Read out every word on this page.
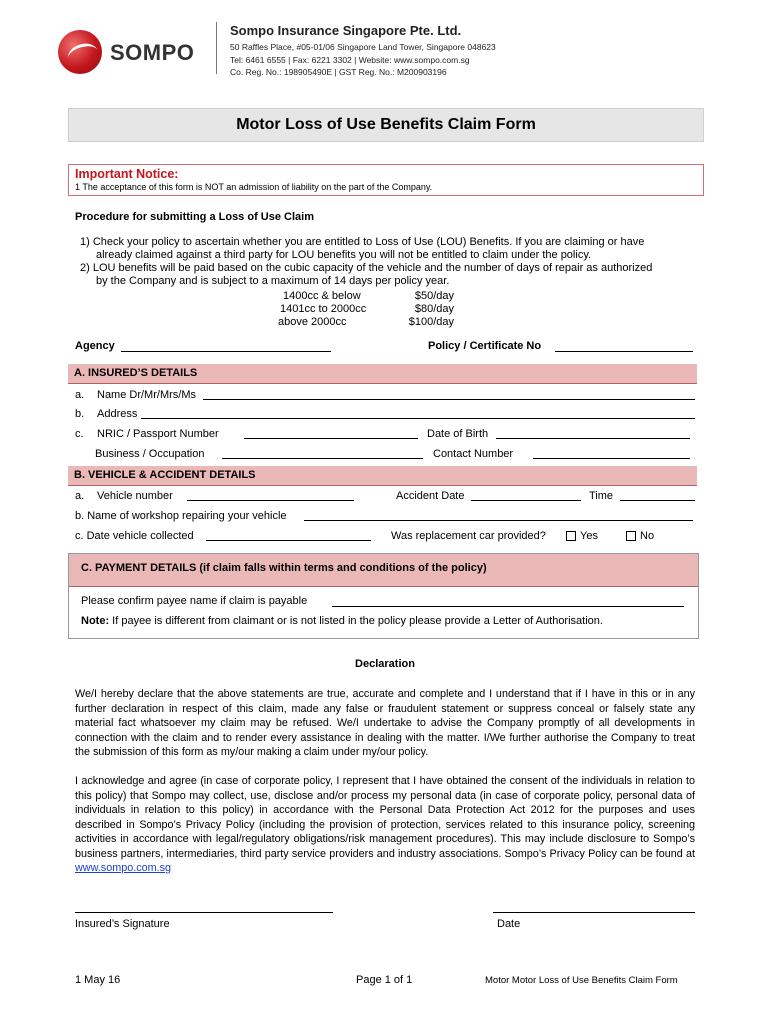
SOMPO
Sompo Insurance Singapore Pte. Ltd.
50 Raffles Place, #05-01/06 Singapore Land Tower, Singapore 048623
Tel: 6461 6555 | Fax: 6221 3302 | Website: www.sompo.com.sg
Co. Reg. No.: 198905490E | GST Reg. No.: M200903196
Motor Loss of Use Benefits Claim Form
Important Notice:
1 The acceptance of this form is NOT an admission of liability on the part of the Company.
Procedure for submitting a Loss of Use Claim
1) Check your policy to ascertain whether you are entitled to Loss of Use (LOU) Benefits. If you are claiming or have
already claimed against a third party for LOU benefits you will not be entitled to claim under the policy.
2) LOU benefits will be paid based on the cubic capacity of the vehicle and the number of days of repair as authorized
by the Company and is subject to a maximum of 14 days per policy year.
1400cc & below	$50/day
1401cc to 2000cc	$80/day
above 2000cc	$100/day
Agency	Policy / Certificate No
A. INSURED’S DETAILS
a. Name Dr/Mr/Mrs/Ms
b. Address
c. NRIC / Passport Number	Date of Birth
Business / Occupation	Contact Number
B. VEHICLE & ACCIDENT DETAILS
a. Vehicle number	Accident Date	Time
b. Name of workshop repairing your vehicle
c. Date vehicle collected	Was replacement car provided?	Yes	No
C. PAYMENT DETAILS (if claim falls within terms and conditions of the policy)
Please confirm payee name if claim is payable
Note: If payee is different from claimant or is not listed in the policy please provide a Letter of Authorisation.
Declaration
We/I hereby declare that the above statements are true, accurate and complete and I understand that if I have in this or in any further declaration in respect of this claim, made any false or fraudulent statement or suppress conceal or falsely state any material fact whatsoever my claim may be refused. We/I undertake to advise the Company promptly of all developments in connection with the claim and to render every assistance in dealing with the matter. I/We further authorise the Company to treat the submission of this form as my/our making a claim under my/our policy.
I acknowledge and agree (in case of corporate policy, I represent that I have obtained the consent of the individuals in relation to this policy) that Sompo may collect, use, disclose and/or process my personal data (in case of corporate policy, personal data of individuals in relation to this policy) in accordance with the Personal Data Protection Act 2012 for the purposes and uses described in Sompo’s Privacy Policy (including the provision of protection, services related to this insurance policy, screening activities in accordance with legal/regulatory obligations/risk management procedures). This may include disclosure to Sompo’s business partners, intermediaries, third party service providers and industry associations. Sompo’s Privacy Policy can be found at www.sompo.com.sg
Insured’s Signature	Date
1 May 16	Page 1 of 1	Motor Motor Loss of Use Benefits Claim Form
